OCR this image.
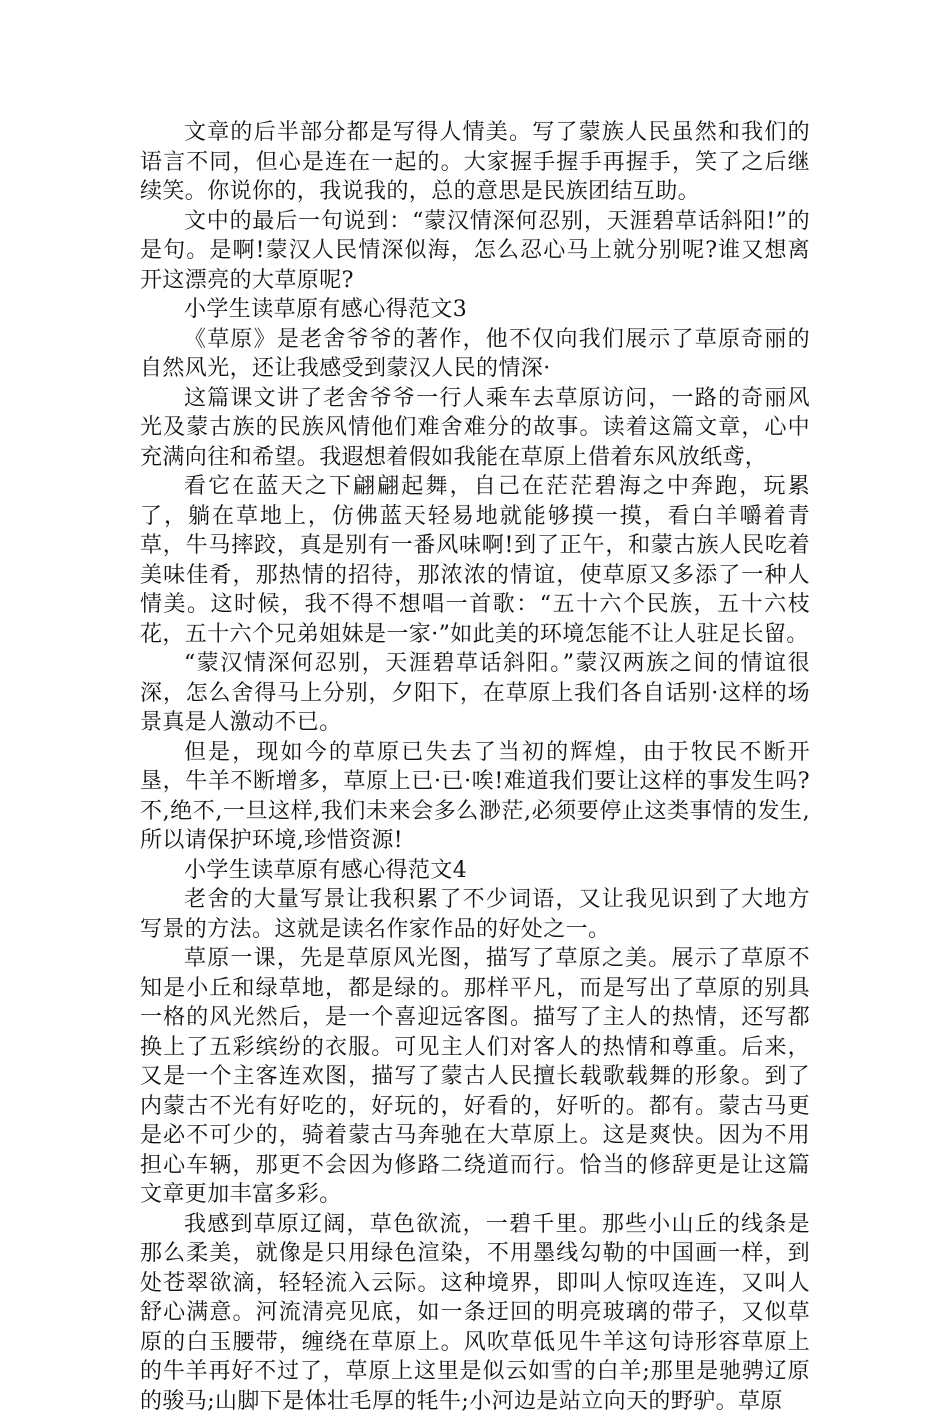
文章的后半部分都是写得人情美。写了蒙族人民虽然和我们的语言不同，但心是连在一起的。大家握手握手再握手，笑了之后继续笑。你说你的，我说我的，总的意思是民族团结互助。

文中的最后一句说到：“蒙汉情深何忍别，天涯碧草话斜阳!”的是句。是啊!蒙汉人民情深似海，怎么忍心马上就分别呢?谁又想离开这漂亮的大草原呢?

小学生读草原有感心得范文3

《草原》是老舍爷爷的著作，他不仅向我们展示了草原奇丽的自然风光，还让我感受到蒙汉人民的情深·

这篇课文讲了老舍爷爷一行人乘车去草原访问，一路的奇丽风光及蒙古族的民族风情他们难舍难分的故事。读着这篇文章，心中充满向往和希望。我遐想着假如我能在草原上借着东风放纸鸢，

看它在蓝天之下翩翩起舞，自己在茫茫碧海之中奔跑，玩累了，躺在草地上，仿佛蓝天轻易地就能够摸一摸，看白羊嚼着青草，牛马摔跤，真是别有一番风味啊!到了正午，和蒙古族人民吃着美味佳肴，那热情的招待，那浓浓的情谊，使草原又多添了一种人情美。这时候，我不得不想唱一首歌：“五十六个民族，五十六枝花，五十六个兄弟姐妹是一家·”如此美的环境怎能不让人驻足长留。

“蒙汉情深何忍别，天涯碧草话斜阳。”蒙汉两族之间的情谊很深，怎么舍得马上分别，夕阳下，在草原上我们各自话别·这样的场景真是人激动不已。

但是，现如今的草原已失去了当初的辉煌，由于牧民不断开垦，牛羊不断增多，草原上已·已·唉!难道我们要让这样的事发生吗?不,绝不,一旦这样,我们未来会多么渺茫,必须要停止这类事情的发生,所以请保护环境,珍惜资源!

小学生读草原有感心得范文4

老舍的大量写景让我积累了不少词语，又让我见识到了大地方写景的方法。这就是读名作家作品的好处之一。

草原一课，先是草原风光图，描写了草原之美。展示了草原不知是小丘和绿草地，都是绿的。那样平凡，而是写出了草原的别具一格的风光然后，是一个喜迎远客图。描写了主人的热情，还写都换上了五彩缤纷的衣服。可见主人们对客人的热情和尊重。后来，又是一个主客连欢图，描写了蒙古人民擅长载歌载舞的形象。到了内蒙古不光有好吃的，好玩的，好看的，好听的。都有。蒙古马更是必不可少的，骑着蒙古马奔驰在大草原上。这是爽快。因为不用担心车辆，那更不会因为修路二绕道而行。恰当的修辞更是让这篇文章更加丰富多彩。

我感到草原辽阔，草色欲流，一碧千里。那些小山丘的线条是那么柔美，就像是只用绿色渲染，不用墨线勾勒的中国画一样，到处苍翠欲滴，轻轻流入云际。这种境界，即叫人惊叹连连，又叫人舒心满意。河流清亮见底，如一条迂回的明亮玻璃的带子，又似草原的白玉腰带，缠绕在草原上。风吹草低见牛羊这句诗形容草原上的牛羊再好不过了，草原上这里是似云如雪的白羊;那里是驰骋辽原的骏马;山脚下是体壮毛厚的牦牛;小河边是站立向天的野驴。草原
